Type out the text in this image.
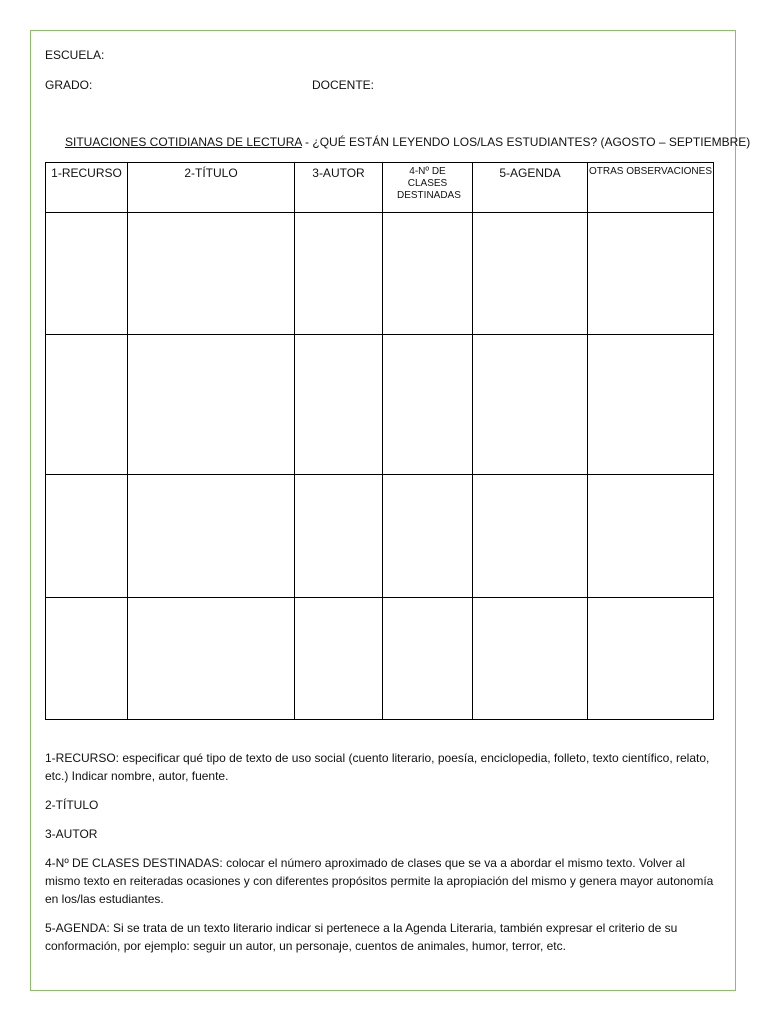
ESCUELA:
GRADO:	DOCENTE:
SITUACIONES COTIDIANAS DE LECTURA - ¿QUÉ ESTÁN LEYENDO LOS/LAS ESTUDIANTES? (AGOSTO – SEPTIEMBRE)
1-RECURSO	2-TÍTULO	3-AUTOR	4-Nº DE CLASES DESTINADAS	5-AGENDA	OTRAS OBSERVACIONES

1-RECURSO: especificar qué tipo de texto de uso social (cuento literario, poesía, enciclopedia, folleto, texto científico, relato, etc.) Indicar nombre, autor, fuente.

2-TÍTULO

3-AUTOR

4-Nº DE CLASES DESTINADAS: colocar el número aproximado de clases que se va a abordar el mismo texto. Volver al mismo texto en reiteradas ocasiones y con diferentes propósitos permite la apropiación del mismo y genera mayor autonomía en los/las estudiantes.

5-AGENDA: Si se trata de un texto literario indicar si pertenece a la Agenda Literaria, también expresar el criterio de su conformación, por ejemplo: seguir un autor, un personaje, cuentos de animales, humor, terror, etc.
